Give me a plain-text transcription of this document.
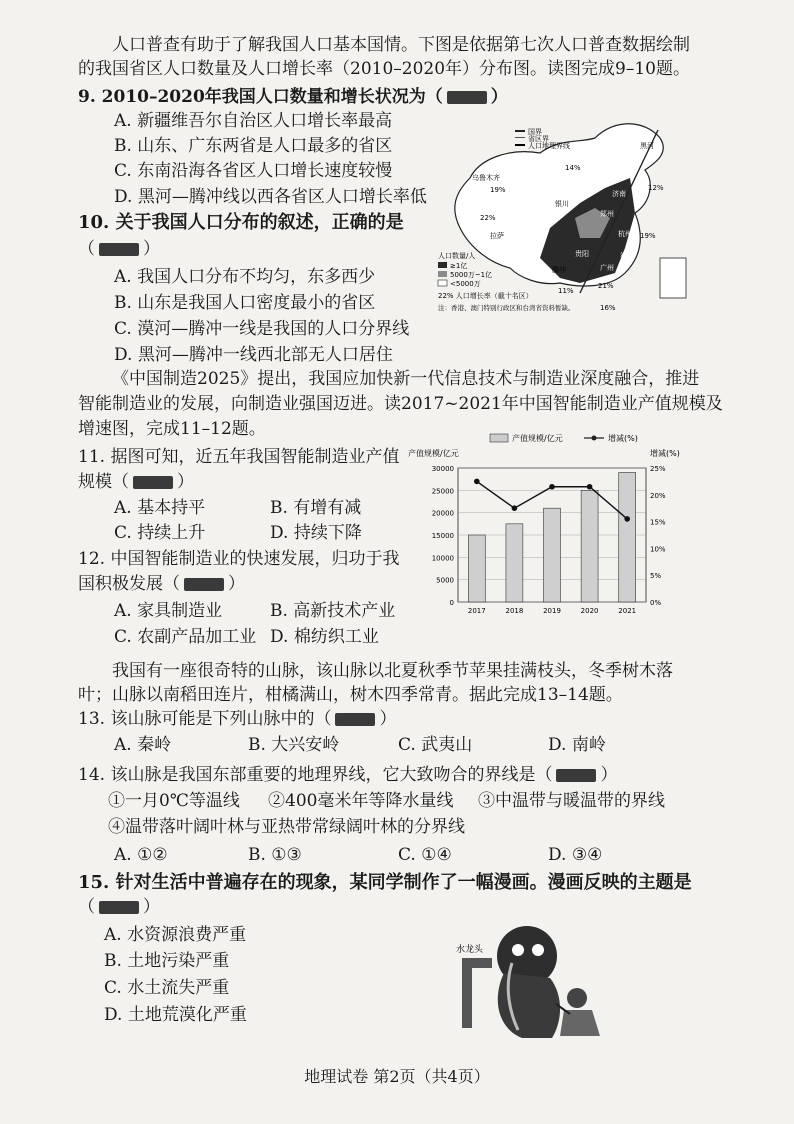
人口普查有助于了解我国人口基本国情。下图是依据第七次人口普查数据绘制
的我国省区人口数量及人口增长率（2010–2020年）分布图。读图完成9–10题。
9. 2010–2020年我国人口数量和增长状况为（	）
A. 新疆维吾尔自治区人口增长率最高
B. 山东、广东两省是人口最多的省区
C. 东南沿海各省区人口增长速度较慢
D. 黑河—腾冲线以西各省区人口增长率低
10. 关于我国人口分布的叙述，正确的是
（	）
A. 我国人口分布不均匀，东多西少
B. 山东是我国人口密度最小的省区
C. 漠河—腾冲一线是我国的人口分界线
D. 黑河—腾冲一线西北部无人口居住
国界
省区界
人口地理界线	黑河
乌鲁木齐
拉萨
银川
济南
郑州
杭州
贵阳
广州
腾冲
福州
19%
22%
14%
12%
19%
11%
21%
16%
人口数量/人
≥1亿
5000万~1亿
<5000万
22% 人口增长率（截十名区）
注：香港、澳门特别行政区和台湾省资料暂缺。
《中国制造2025》提出，我国应加快新一代信息技术与制造业深度融合，推进
智能制造业的发展，向制造业强国迈进。读2017~2021年中国智能制造业产值规模及
增速图，完成11–12题。
11. 据图可知，近五年我国智能制造业产值
规模（	）
A. 基本持平	B. 有增有减
C. 持续上升	D. 持续下降
12. 中国智能制造业的快速发展，归功于我
国积极发展（	）
A. 家具制造业	B. 高新技术产业
C. 农副产品加工业 D. 棉纺织工业
产值规模/亿元	增减(%)
产值规模/亿元	增减(%)
0
5000
10000
15000
20000
25000
30000
0%
5%
10%
15%
20%
25%
2017	2018	2019	2020	2021
我国有一座很奇特的山脉，该山脉以北夏秋季节苹果挂满枝头，冬季树木落
叶；山脉以南稻田连片，柑橘满山，树木四季常青。据此完成13–14题。
13. 该山脉可能是下列山脉中的（	）
A. 秦岭	B. 大兴安岭	C. 武夷山	D. 南岭
14. 该山脉是我国东部重要的地理界线，它大致吻合的界线是（	）
①一月0℃等温线 ②400毫米年等降水量线 ③中温带与暖温带的界线
④温带落叶阔叶林与亚热带常绿阔叶林的分界线
A. ①②	B. ①③	C. ①④	D. ③④
15. 针对生活中普遍存在的现象，某同学制作了一幅漫画。漫画反映的主题是
（	）
A. 水资源浪费严重
B. 土地污染严重
C. 水土流失严重
D. 土地荒漠化严重
水龙头
地理试卷 第2页（共4页）
